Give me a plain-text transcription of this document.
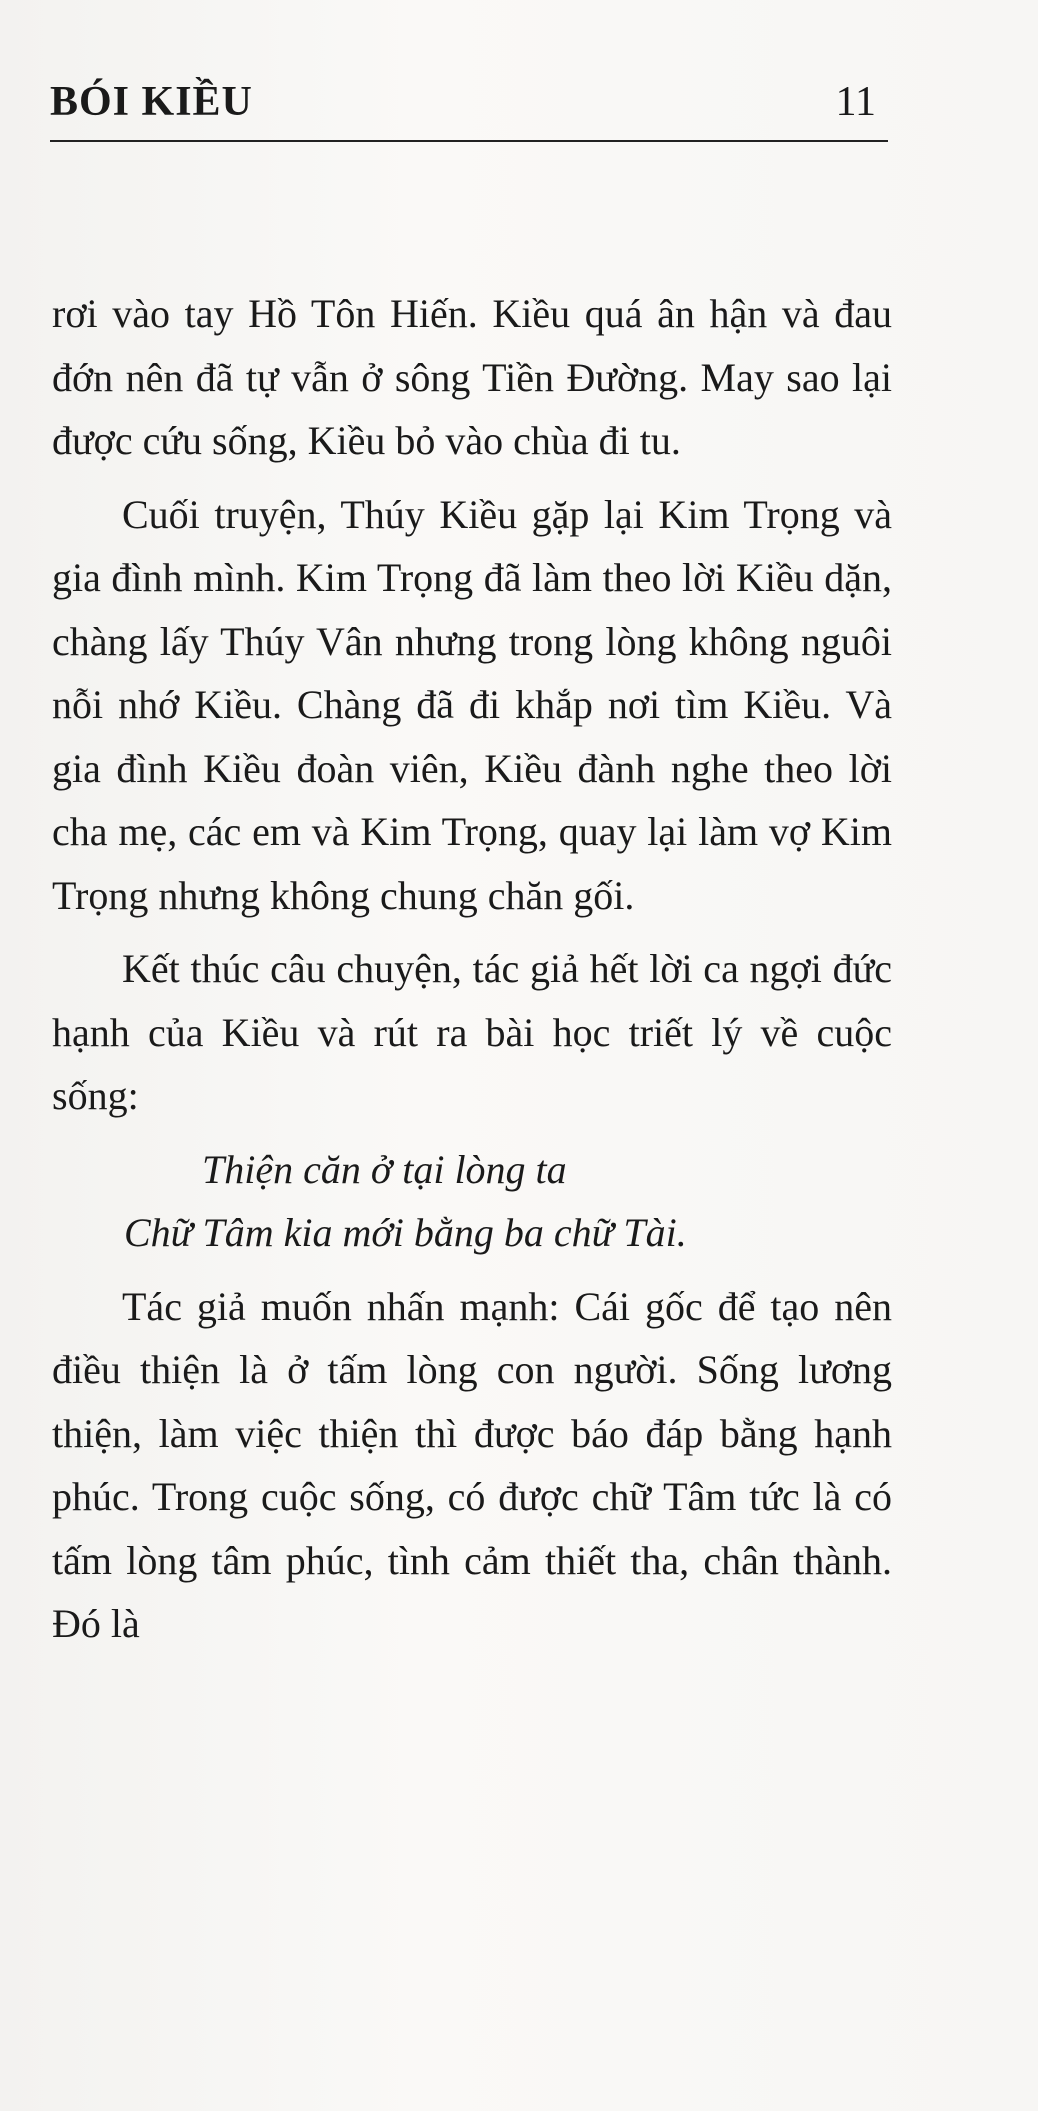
BÓI KIỀU	11

rơi vào tay Hồ Tôn Hiến. Kiều quá ân hận và đau đớn nên đã tự vẫn ở sông Tiền Đường. May sao lại được cứu sống, Kiều bỏ vào chùa đi tu.

Cuối truyện, Thúy Kiều gặp lại Kim Trọng và gia đình mình. Kim Trọng đã làm theo lời Kiều dặn, chàng lấy Thúy Vân nhưng trong lòng không nguôi nỗi nhớ Kiều. Chàng đã đi khắp nơi tìm Kiều. Và gia đình Kiều đoàn viên, Kiều đành nghe theo lời cha mẹ, các em và Kim Trọng, quay lại làm vợ Kim Trọng nhưng không chung chăn gối.

Kết thúc câu chuyện, tác giả hết lời ca ngợi đức hạnh của Kiều và rút ra bài học triết lý về cuộc sống:

Thiện căn ở tại lòng ta

Chữ Tâm kia mới bằng ba chữ Tài.

Tác giả muốn nhấn mạnh: Cái gốc để tạo nên điều thiện là ở tấm lòng con người. Sống lương thiện, làm việc thiện thì được báo đáp bằng hạnh phúc. Trong cuộc sống, có được chữ Tâm tức là có tấm lòng tâm phúc, tình cảm thiết tha, chân thành. Đó là
